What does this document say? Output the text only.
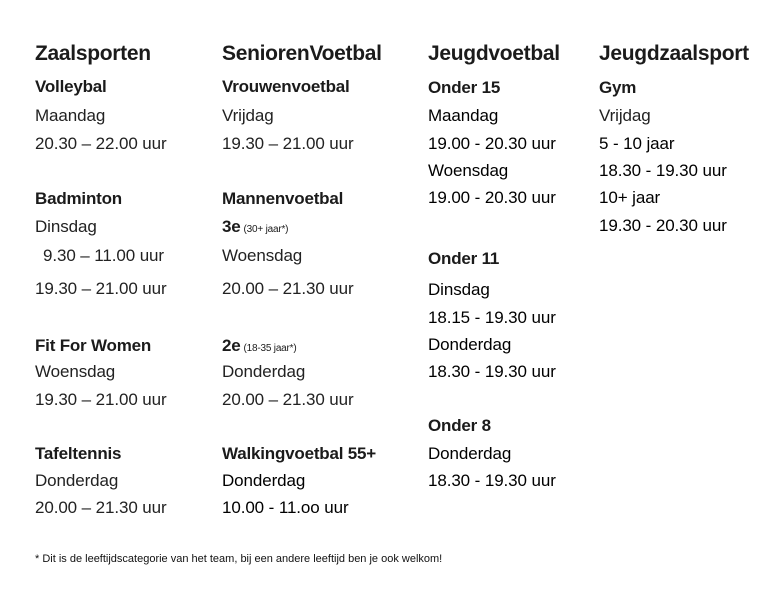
Zaalsporten
Volleybal
Maandag
20.30 – 22.00 uur
Badminton
Dinsdag
9.30 – 11.00 uur
19.30 – 21.00 uur
Fit For Women
Woensdag
19.30 – 21.00 uur
Tafeltennis
Donderdag
20.00 – 21.30 uur
SeniorenVoetbal
Vrouwenvoetbal
Vrijdag
19.30 – 21.00 uur
Mannenvoetbal
3e (30+ jaar*)
Woensdag
20.00 – 21.30 uur
2e (18-35 jaar*)
Donderdag
20.00 – 21.30 uur
Walkingvoetbal 55+
Donderdag
10.00 - 11.oo uur
Jeugdvoetbal
Onder 15
Maandag
19.00 - 20.30 uur
Woensdag
19.00 - 20.30 uur
Onder 11
Dinsdag
18.15 - 19.30 uur
Donderdag
18.30 - 19.30 uur
Onder 8
Donderdag
18.30 - 19.30 uur
Jeugdzaalsport
Gym
Vrijdag
5 - 10 jaar
18.30 - 19.30 uur
10+ jaar
19.30 - 20.30 uur
* Dit is de leeftijdscategorie van het team, bij een andere leeftijd ben je ook welkom!
